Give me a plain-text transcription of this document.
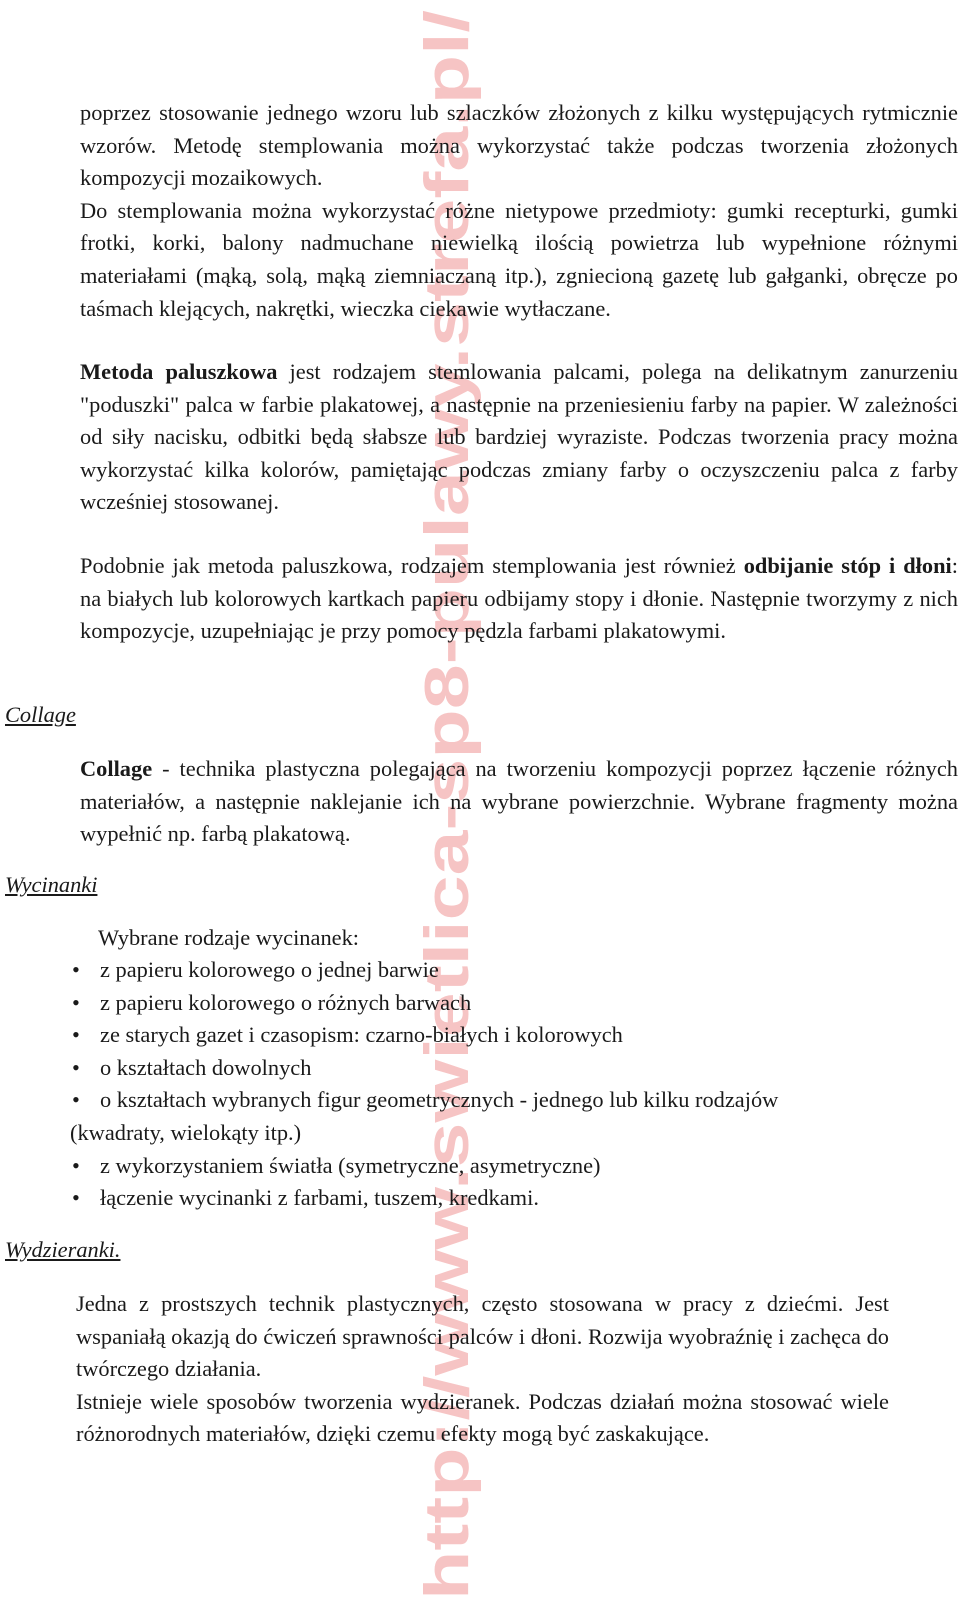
http://www.swietlica-sp8-pulawy.strefa.pl/

poprzez stosowanie jednego wzoru lub szlaczków złożonych z kilku występujących rytmicznie wzorów. Metodę stemplowania można wykorzystać także podczas tworzenia złożonych kompozycji mozaikowych.
Do stemplowania można wykorzystać różne nietypowe przedmioty: gumki recepturki, gumki frotki, korki, balony nadmuchane niewielką ilością powietrza lub wypełnione różnymi materiałami (mąką, solą, mąką ziemniaczaną itp.), zgniecioną gazetę lub gałganki, obręcze po taśmach klejących, nakrętki, wieczka ciekawie wytłaczane.

Metoda paluszkowa jest rodzajem stemlowania palcami, polega na delikatnym zanurzeniu "poduszki" palca w farbie plakatowej, a następnie na przeniesieniu farby na papier. W zależności od siły nacisku, odbitki będą słabsze lub bardziej wyraziste. Podczas tworzenia pracy można wykorzystać kilka kolorów, pamiętając podczas zmiany farby o oczyszczeniu palca z farby wcześniej stosowanej.

Podobnie jak metoda paluszkowa, rodzajem stemplowania jest również odbijanie stóp i dłoni: na białych lub kolorowych kartkach papieru odbijamy stopy i dłonie. Następnie tworzymy z nich kompozycje, uzupełniając je przy pomocy pędzla farbami plakatowymi.

Collage

Collage - technika plastyczna polegająca na tworzeniu kompozycji poprzez łączenie różnych materiałów, a następnie naklejanie ich na wybrane powierzchnie. Wybrane fragmenty można wypełnić np. farbą plakatową.

Wycinanki

Wybrane rodzaje wycinanek:

• z papieru kolorowego o jednej barwie
• z papieru kolorowego o różnych barwach
• ze starych gazet i czasopism: czarno-białych i kolorowych
• o kształtach dowolnych
• o kształtach wybranych figur geometrycznych - jednego lub kilku rodzajów
(kwadraty, wielokąty itp.)
• z wykorzystaniem światła (symetryczne, asymetryczne)
• łączenie wycinanki z farbami, tuszem, kredkami.

Wydzieranki.

Jedna z prostszych technik plastycznych, często stosowana w pracy z dziećmi. Jest wspaniałą okazją do ćwiczeń sprawności palców i dłoni. Rozwija wyobraźnię i zachęca do twórczego działania.
Istnieje wiele sposobów tworzenia wydzieranek. Podczas działań można stosować wiele różnorodnych materiałów, dzięki czemu efekty mogą być zaskakujące.
